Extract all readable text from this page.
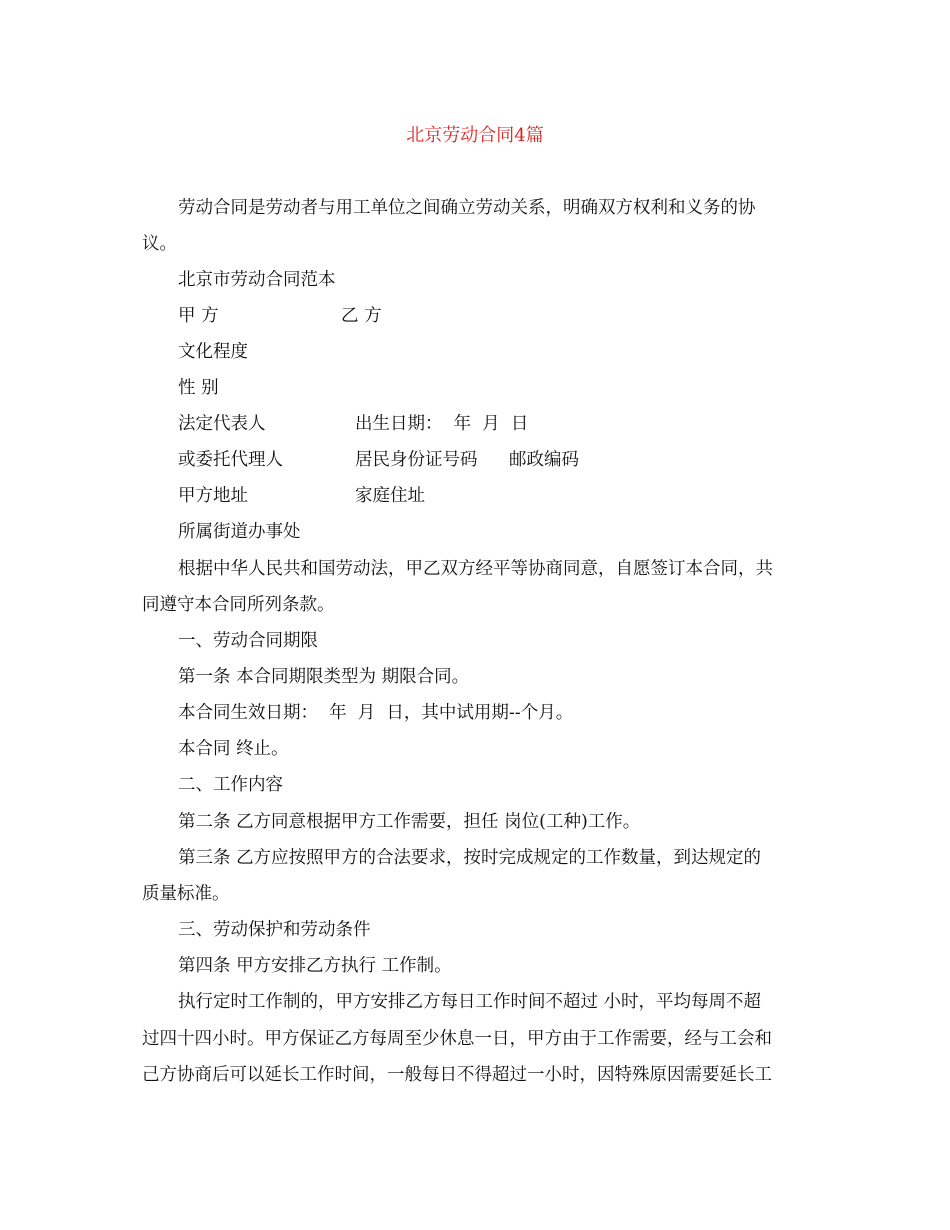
北京劳动合同4篇
劳动合同是劳动者与用工单位之间确立劳动关系，明确双方权利和义务的协
议。
北京市劳动合同范本
甲 方	乙 方
文化程度
性 别
法定代表人	出生日期：  年  月  日
或委托代理人	居民身份证号码 邮政编码
甲方地址	家庭住址
所属街道办事处
根据中华人民共和国劳动法，甲乙双方经平等协商同意，自愿签订本合同，共
同遵守本合同所列条款。
一、劳动合同期限
第一条 本合同期限类型为 期限合同。
本合同生效日期：  年  月  日，其中试用期--个月。
本合同 终止。
二、工作内容
第二条 乙方同意根据甲方工作需要，担任 岗位(工种)工作。
第三条 乙方应按照甲方的合法要求，按时完成规定的工作数量，到达规定的
质量标准。
三、劳动保护和劳动条件
第四条 甲方安排乙方执行 工作制。
执行定时工作制的，甲方安排乙方每日工作时间不超过 小时，平均每周不超
过四十四小时。甲方保证乙方每周至少休息一日，甲方由于工作需要，经与工会和
己方协商后可以延长工作时间，一般每日不得超过一小时，因特殊原因需要延长工
